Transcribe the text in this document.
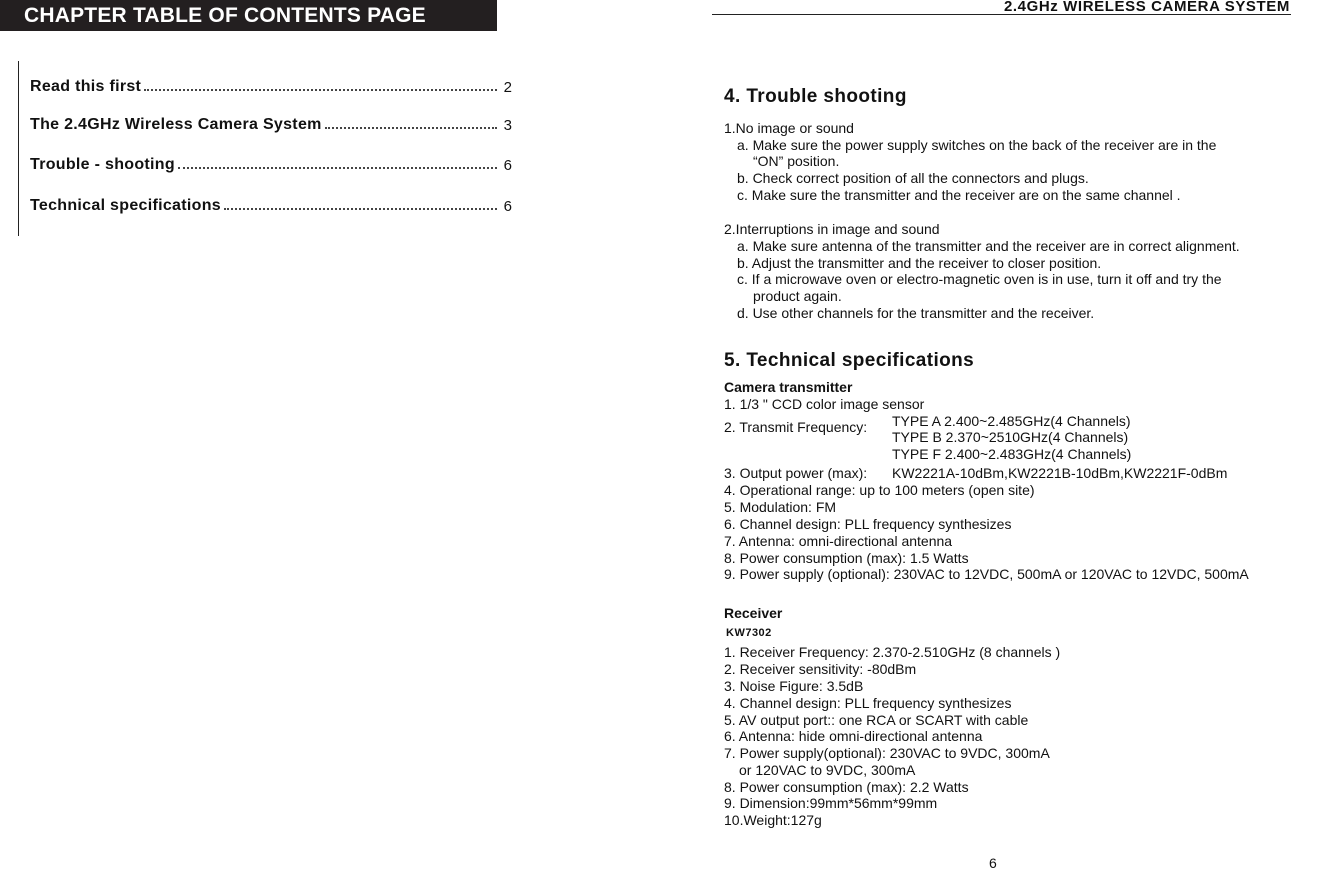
CHAPTER TABLE OF CONTENTS PAGE
Read this first	2
The 2.4GHz Wireless Camera System	3
Trouble - shooting	6
Technical specifications	6
2.4GHz WIRELESS CAMERA SYSTEM
4. Trouble shooting
1.No image or sound
a. Make sure the power supply switches on the back of the receiver are in the
“ON” position.
b. Check correct position of all the connectors and plugs.
c. Make sure the transmitter and the receiver are on the same channel .
2.Interruptions in image and sound
a. Make sure antenna of the transmitter and the receiver are in correct alignment.
b. Adjust the transmitter and the receiver to closer position.
c. If a microwave oven or electro-magnetic oven is in use, turn it off and try the
product again.
d. Use other channels for the transmitter and the receiver.
5. Technical specifications
Camera transmitter
1. 1/3 " CCD color image sensor
2. Transmit Frequency: TYPE A 2.400~2.485GHz(4 Channels)
TYPE B 2.370~2510GHz(4 Channels)
TYPE F 2.400~2.483GHz(4 Channels)
3. Output power (max): KW2221A-10dBm,KW2221B-10dBm,KW2221F-0dBm
4. Operational range: up to 100 meters (open site)
5. Modulation: FM
6. Channel design: PLL frequency synthesizes
7. Antenna: omni-directional antenna
8. Power consumption (max): 1.5 Watts
9. Power supply (optional): 230VAC to 12VDC, 500mA or 120VAC to 12VDC, 500mA
Receiver
KW7302
1. Receiver Frequency: 2.370-2.510GHz (8 channels )
2. Receiver sensitivity: -80dBm
3. Noise Figure: 3.5dB
4. Channel design: PLL frequency synthesizes
5. AV output port:: one RCA or SCART with cable
6. Antenna: hide omni-directional antenna
7. Power supply(optional): 230VAC to 9VDC, 300mA
or 120VAC to 9VDC, 300mA
8. Power consumption (max): 2.2 Watts
9. Dimension:99mm*56mm*99mm
10.Weight:127g
6
